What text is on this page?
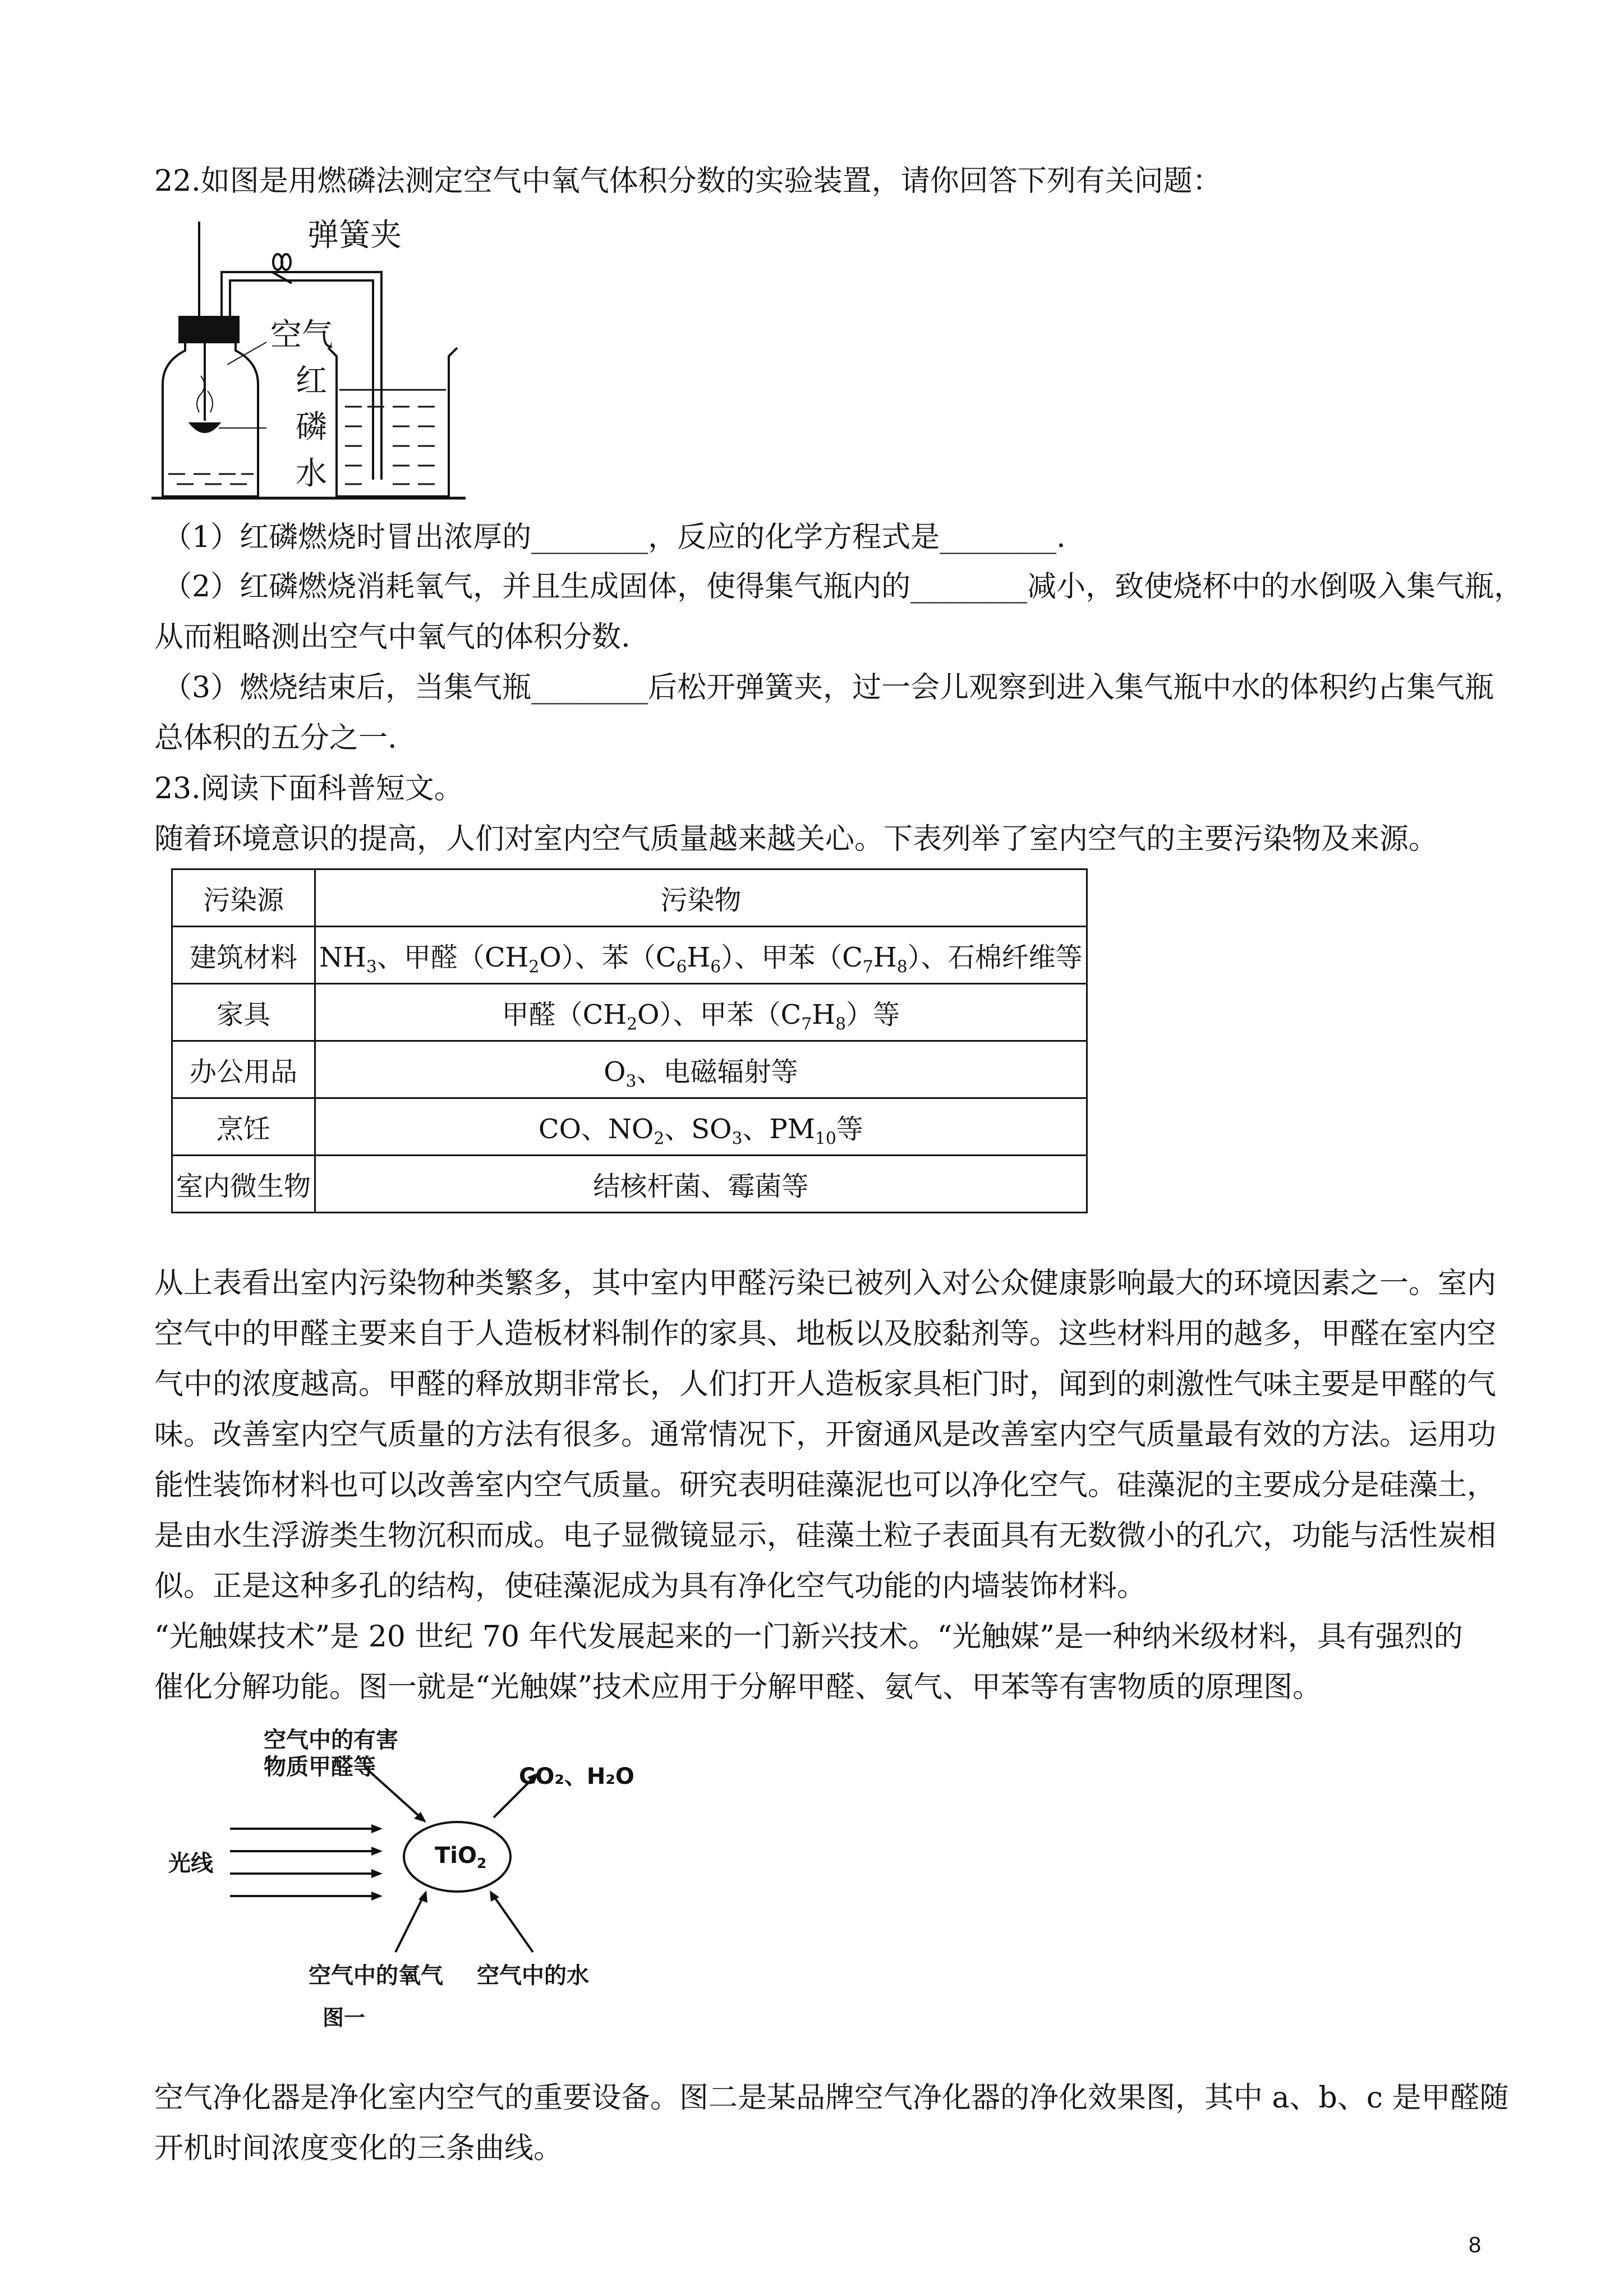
22.如图是用燃磷法测定空气中氧气体积分数的实验装置，请你回答下列有关问题：
弹簧夹
空气
红
磷
水
（1）红磷燃烧时冒出浓厚的________，反应的化学方程式是________.
（2）红磷燃烧消耗氧气，并且生成固体，使得集气瓶内的________减小，致使烧杯中的水倒吸入集气瓶，
从而粗略测出空气中氧气的体积分数.
（3）燃烧结束后，当集气瓶________后松开弹簧夹，过一会儿观察到进入集气瓶中水的体积约占集气瓶
总体积的五分之一.
23.阅读下面科普短文。
随着环境意识的提高，人们对室内空气质量越来越关心。下表列举了室内空气的主要污染物及来源。
污染源	污染物
建筑材料	$NH_3$、甲醛$(CH_2O)$、苯$(C_6H_6)$、甲苯$(C_7H_8)$、石棉纤维等
家具	甲醛$(CH_2O)$、甲苯$(C_7H_8)$等
办公用品	$O_3$、电磁辐射等
烹饪	CO、$NO_2$、$SO_3$、$PM_{10}$等
室内微生物	结核杆菌、霉菌等
从上表看出室内污染物种类繁多，其中室内甲醛污染已被列入对公众健康影响最大的环境因素之一。室内
空气中的甲醛主要来自于人造板材料制作的家具、地板以及胶黏剂等。这些材料用的越多，甲醛在室内空
气中的浓度越高。甲醛的释放期非常长，人们打开人造板家具柜门时，闻到的刺激性气味主要是甲醛的气
味。改善室内空气质量的方法有很多。通常情况下，开窗通风是改善室内空气质量最有效的方法。运用功
能性装饰材料也可以改善室内空气质量。研究表明硅藻泥也可以净化空气。硅藻泥的主要成分是硅藻土，
是由水生浮游类生物沉积而成。电子显微镜显示，硅藻土粒子表面具有无数微小的孔穴，功能与活性炭相
似。正是这种多孔的结构，使硅藻泥成为具有净化空气功能的内墙装饰材料。
“光触媒技术”是 20 世纪 70 年代发展起来的一门新兴技术。“光触媒”是一种纳米级材料，具有强烈的
催化分解功能。图一就是“光触媒”技术应用于分解甲醛、氨气、甲苯等有害物质的原理图。
空气中的有害
物质甲醛等	CO₂、H₂O
光线	TiO$_2$
空气中的氧气 空气中的水
图一
空气净化器是净化室内空气的重要设备。图二是某品牌空气净化器的净化效果图，其中 a、b、c 是甲醛随
开机时间浓度变化的三条曲线。
8
